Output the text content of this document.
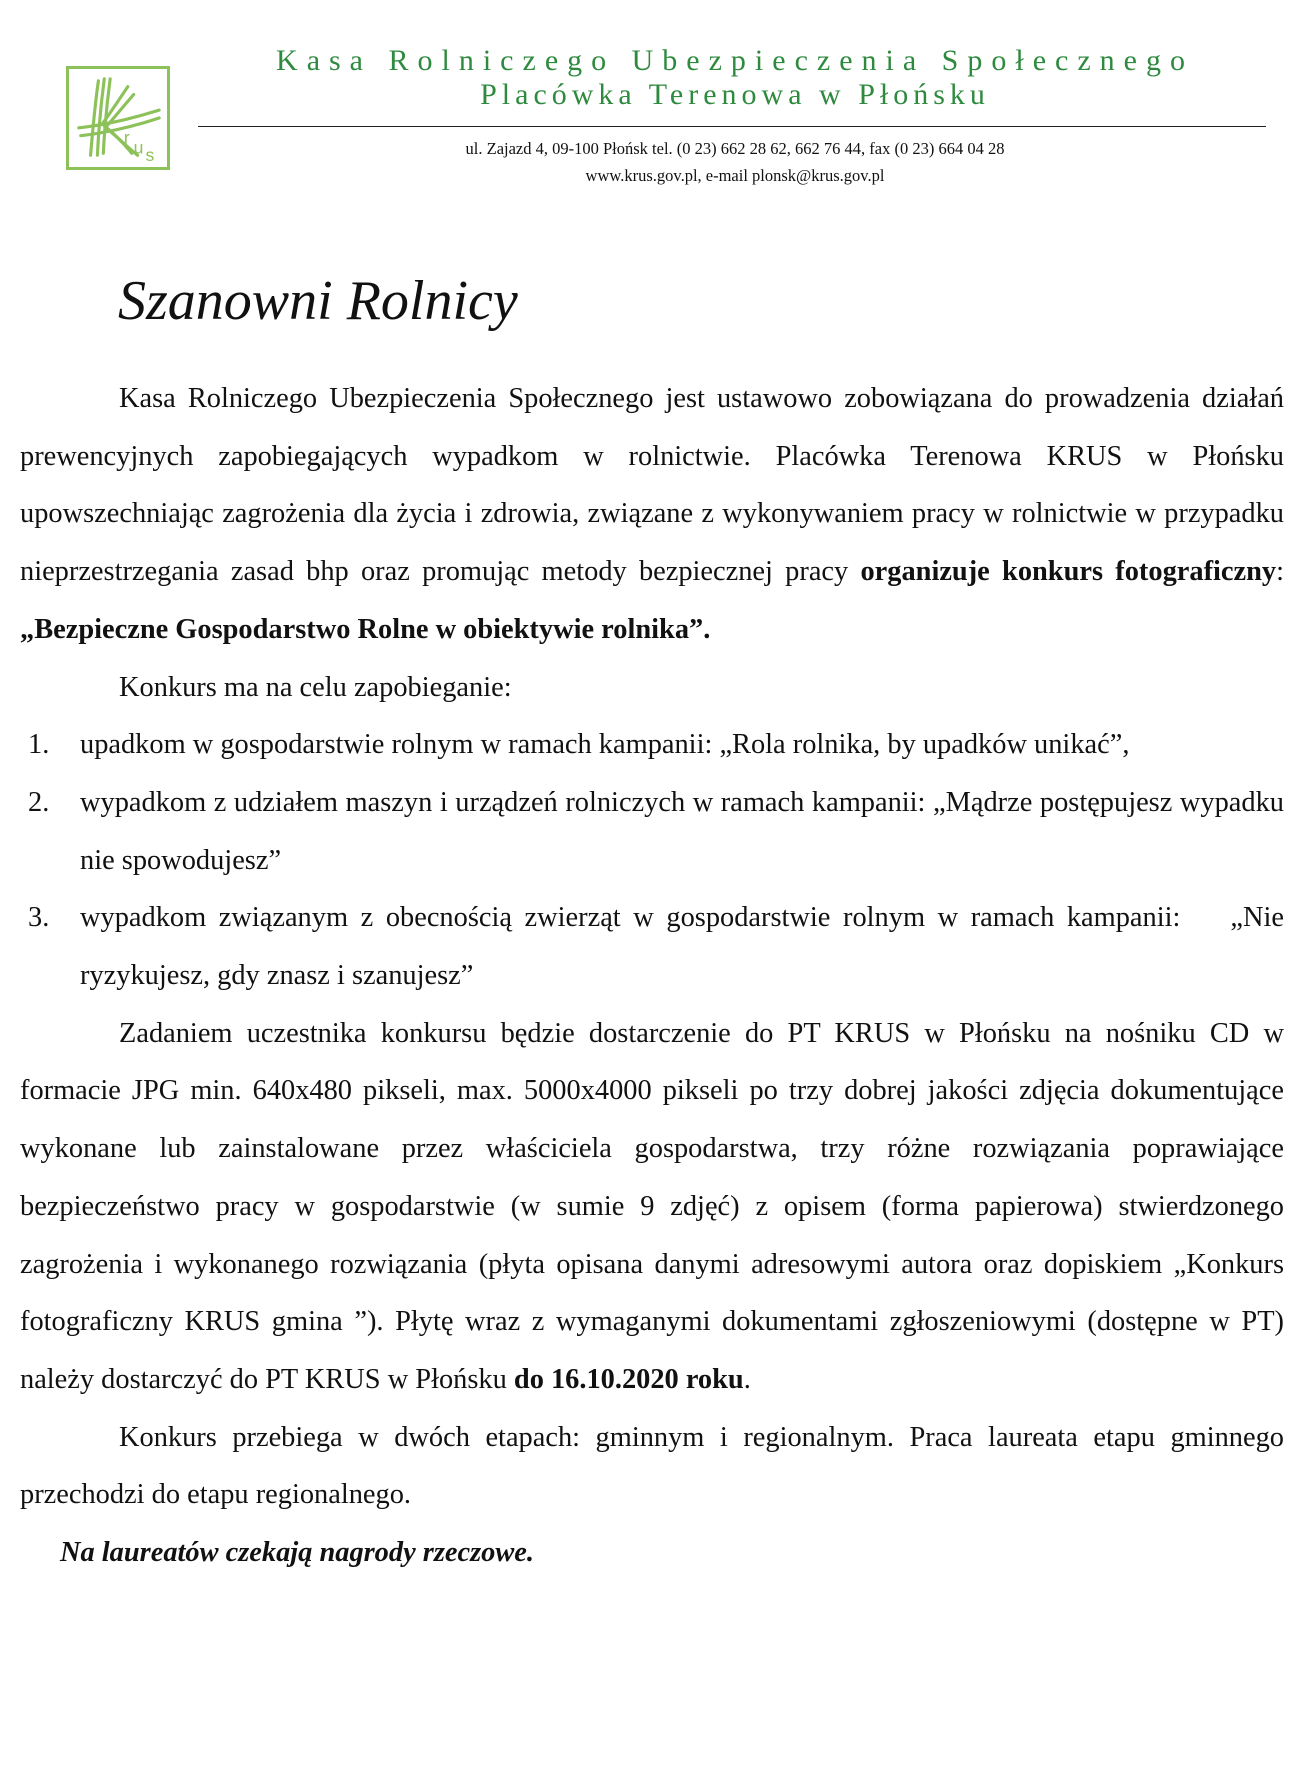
r u s
Kasa Rolniczego Ubezpieczenia Społecznego
Placówka Terenowa w Płońsku
ul. Zajazd 4, 09-100 Płońsk tel. (0 23) 662 28 62, 662 76 44, fax (0 23) 664 04 28
www.krus.gov.pl, e-mail plonsk@krus.gov.pl
Szanowni Rolnicy

Kasa Rolniczego Ubezpieczenia Społecznego jest ustawowo zobowiązana do prowadzenia działań prewencyjnych zapobiegających wypadkom w rolnictwie. Placówka Terenowa KRUS w Płońsku upowszechniając zagrożenia dla życia i zdrowia, związane z wykonywaniem pracy w rolnictwie w przypadku nieprzestrzegania zasad bhp oraz promując metody bezpiecznej pracy organizuje konkurs fotograficzny: „Bezpieczne Gospodarstwo Rolne w obiektywie rolnika”.

Konkurs ma na celu zapobieganie:

1. upadkom w gospodarstwie rolnym w ramach kampanii: „Rola rolnika, by upadków unikać”,
2. wypadkom z udziałem maszyn i urządzeń rolniczych w ramach kampanii: „Mądrze postępujesz wypadku nie spowodujesz”
3. wypadkom związanym z obecnością zwierząt w gospodarstwie rolnym w ramach kampanii: „Nie ryzykujesz, gdy znasz i szanujesz”

Zadaniem uczestnika konkursu będzie dostarczenie do PT KRUS w Płońsku na nośniku CD w formacie JPG min. 640x480 pikseli, max. 5000x4000 pikseli po trzy dobrej jakości zdjęcia dokumentujące wykonane lub zainstalowane przez właściciela gospodarstwa, trzy różne rozwiązania poprawiające bezpieczeństwo pracy w gospodarstwie (w sumie 9 zdjęć) z opisem (forma papierowa) stwierdzonego zagrożenia i wykonanego rozwiązania (płyta opisana danymi adresowymi autora oraz dopiskiem „Konkurs fotograficzny KRUS gmina ”). Płytę wraz z wymaganymi dokumentami zgłoszeniowymi (dostępne w PT) należy dostarczyć do PT KRUS w Płońsku do 16.10.2020 roku.

Konkurs przebiega w dwóch etapach: gminnym i regionalnym. Praca laureata etapu gminnego przechodzi do etapu regionalnego.

Na laureatów czekają nagrody rzeczowe.
